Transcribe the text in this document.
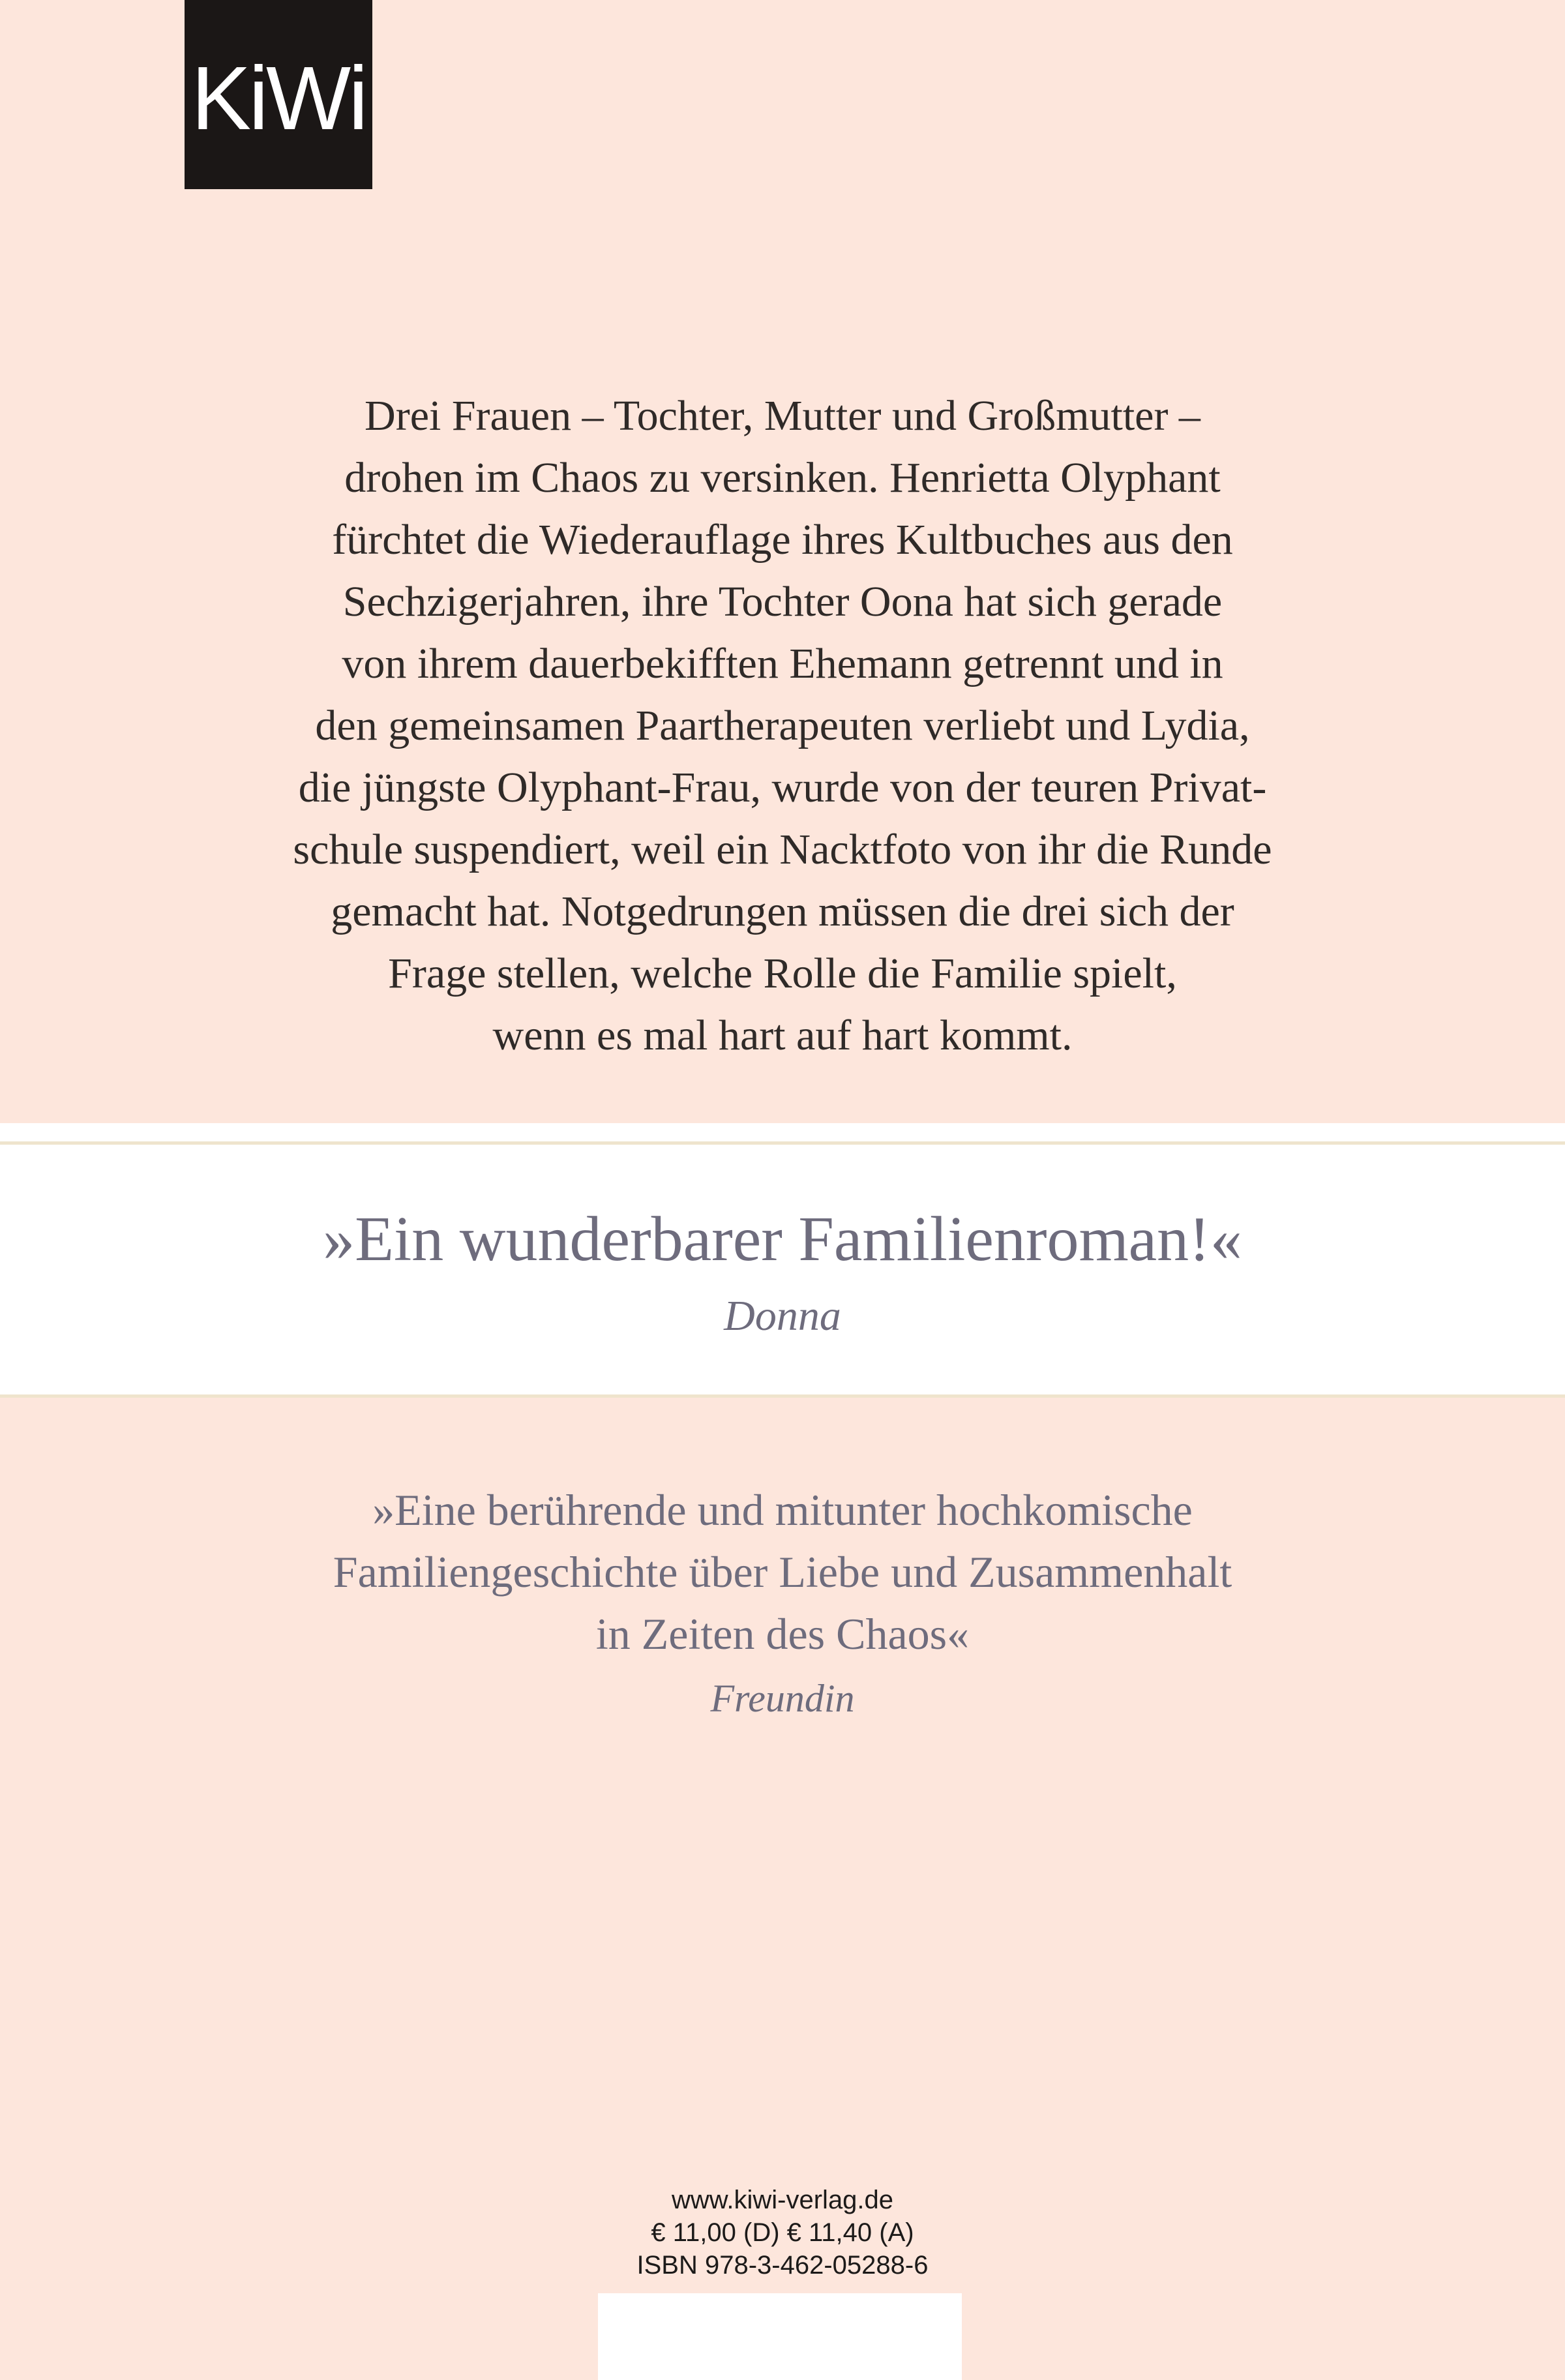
KiWi

Drei Frauen – Tochter, Mutter und Großmutter –
drohen im Chaos zu versinken. Henrietta Olyphant
fürchtet die Wiederauflage ihres Kultbuches aus den
Sechzigerjahren, ihre Tochter Oona hat sich gerade
von ihrem dauerbekifften Ehemann getrennt und in
den gemeinsamen Paartherapeuten verliebt und Lydia,
die jüngste Olyphant-Frau, wurde von der teuren Privat-
schule suspendiert, weil ein Nacktfoto von ihr die Runde
gemacht hat. Notgedrungen müssen die drei sich der
Frage stellen, welche Rolle die Familie spielt,
wenn es mal hart auf hart kommt.

»Ein wunderbarer Familienroman!«

Donna

»Eine berührende und mitunter hochkomische
Familiengeschichte über Liebe und Zusammenhalt
in Zeiten des Chaos«

Freundin

www.kiwi-verlag.de
€ 11,00 (D) € 11,40 (A)
ISBN 978-3-462-05288-6
